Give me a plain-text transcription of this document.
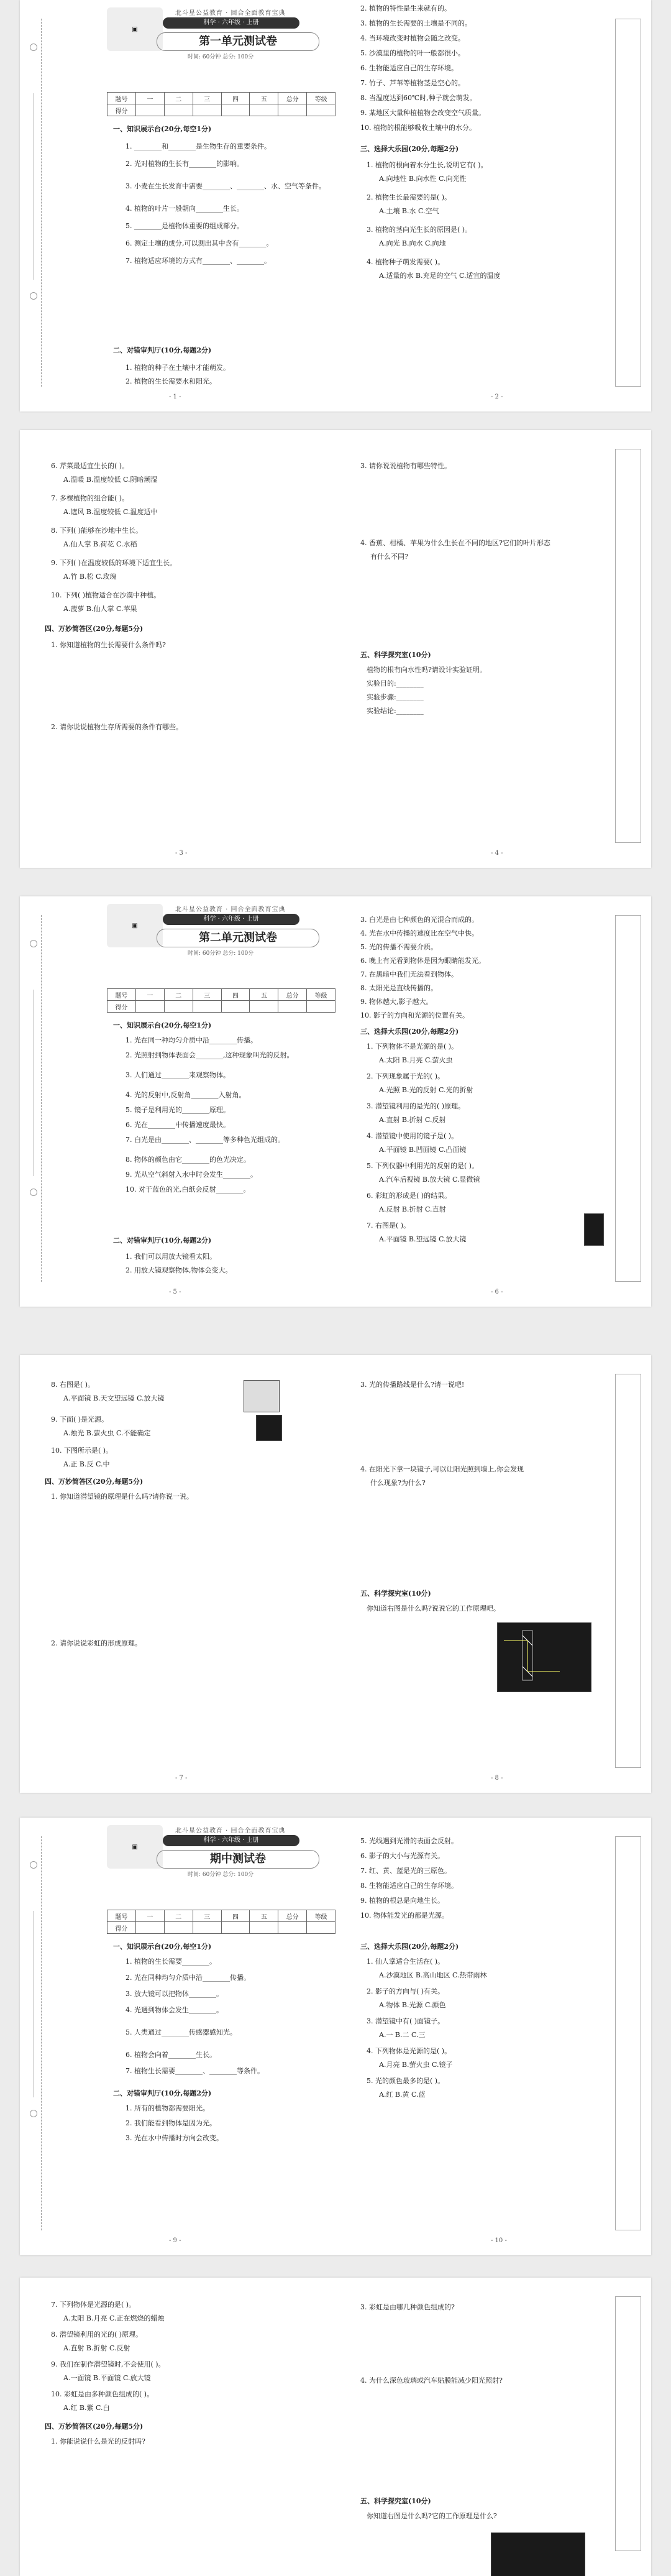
▣
北斗星公益教育 · 回合全面教育宝典
科学 · 六年级 · 上册
第一单元测试卷
时间: 60分钟 总分: 100分
题号	一	二	三	四	五	总分	等级
得分							
一、知识展示台(20分,每空1分)
1. ________和________是生物生存的重要条件。
2. 光对植物的生长有________的影响。
3. 小麦在生长发育中需要________、________、水、空气等条件。
4. 植物的叶片一般朝向________生长。
5. ________是植物体重要的组成部分。
6. 测定土壤的成分,可以测出其中含有________。
7. 植物适应环境的方式有________、________。
二、对错审判厅(10分,每题2分)
1. 植物的种子在土壤中才能萌发。
2. 植物的生长需要水和阳光。
- 1 -
2. 植物的特性是生来就有的。
3. 植物的生长需要的土壤是不同的。
4. 当环境改变时植物会随之改变。
5. 沙漠里的植物的叶一般都很小。
6. 生物能适应自己的生存环境。
7. 竹子、芦苇等植物茎是空心的。
8. 当温度达到60℃时,种子就会萌发。
9. 某地区大量种植植物会改变空气质量。
10. 植物的根能够吸收土壤中的水分。
三、选择大乐园(20分,每题2分)
1. 植物的根向着水分生长,说明它有( )。
A.向地性 B.向水性 C.向光性
2. 植物生长最需要的是( )。
A.土壤 B.水 C.空气
3. 植物的茎向光生长的原因是( )。
A.向光 B.向水 C.向地
4. 植物种子萌发需要( )。
A.适量的水 B.充足的空气 C.适宜的温度
- 2 -
6. 芹菜最适宜生长的( )。
A.温暖 B.温度较低 C.阴暗潮湿
7. 多棵植物的组合能( )。
A.遮风 B.温度较低 C.温度适中
8. 下列( )能够在沙地中生长。
A.仙人掌 B.荷花 C.水稻
9. 下列( )在温度较低的环境下适宜生长。
A.竹 B.松 C.玫瑰
10. 下列( )植物适合在沙漠中种植。
A.菠萝 B.仙人掌 C.苹果
四、万妙简答区(20分,每题5分)
1. 你知道植物的生长需要什么条件吗?
2. 请你说说植物生存所需要的条件有哪些。
- 3 -
3. 请你说说植物有哪些特性。
4. 香蕉、柑橘、苹果为什么生长在不同的地区?它们的叶片形态
有什么不同?
五、科学探究室(10分)
植物的根有向水性吗?请设计实验证明。
实验目的:________
实验步骤:________
实验结论:________
- 4 -
▣
北斗星公益教育 · 回合全面教育宝典
科学 · 六年级 · 上册
第二单元测试卷
时间: 60分钟 总分: 100分
题号	一	二	三	四	五	总分	等级
得分							
一、知识展示台(20分,每空1分)
1. 光在同一种均匀介质中沿________传播。
2. 光照射到物体表面会________,这种现象叫光的反射。
3. 人们通过________来观察物体。
4. 光的反射中,反射角________入射角。
5. 镜子是利用光的________原理。
6. 光在________中传播速度最快。
7. 白光是由________、________等多种色光组成的。
8. 物体的颜色由它________的色光决定。
9. 光从空气斜射入水中时会发生________。
10. 对于蓝色的光,白纸会反射________。
二、对错审判厅(10分,每题2分)
1. 我们可以用放大镜看太阳。
2. 用放大镜观察物体,物体会变大。
- 5 -
3. 白光是由七种颜色的光混合而成的。
4. 光在水中传播的速度比在空气中快。
5. 光的传播不需要介质。
6. 晚上有光看到物体是因为眼睛能发光。
7. 在黑暗中我们无法看到物体。
8. 太阳光是直线传播的。
9. 物体越大,影子越大。
10. 影子的方向和光源的位置有关。
三、选择大乐园(20分,每题2分)
1. 下列物体不是光源的是( )。
A.太阳 B.月亮 C.萤火虫
2. 下列现象属于光的( )。
A.光照 B.光的反射 C.光的折射
3. 潜望镜利用的是光的( )原理。
A.直射 B.折射 C.反射
4. 潜望镜中使用的镜子是( )。
A.平面镜 B.凹面镜 C.凸面镜
5. 下列仪器中利用光的反射的是( )。
A.汽车后视镜 B.放大镜 C.显微镜
6. 彩虹的形成是( )的结果。
A.反射 B.折射 C.直射
7. 右图是( )。
A.平面镜 B.望远镜 C.放大镜
- 6 -
8. 右图是( )。
A.平面镜 B.天文望远镜 C.放大镜
9. 下面( )是光源。
A.烛光 B.萤火虫 C.不能确定
10. 下图所示是( )。
A.正 B.反 C.中
四、万妙简答区(20分,每题5分)
1. 你知道潜望镜的原理是什么吗?请你说一说。
2. 请你说说彩虹的形成原理。
- 7 -
3. 光的传播路线是什么?请一说吧!
4. 在阳光下拿一块镜子,可以让阳光照到墙上,你会发现
什么现象?为什么?
五、科学探究室(10分)
你知道右图是什么吗?说说它的工作原理吧。
- 8 -
▣
北斗星公益教育 · 回合全面教育宝典
科学 · 六年级 · 上册
期中测试卷
时间: 60分钟 总分: 100分
题号	一	二	三	四	五	总分	等级
得分							
一、知识展示台(20分,每空1分)
1. 植物的生长需要________。
2. 光在同种均匀介质中沿________传播。
3. 放大镜可以把物体________。
4. 光遇到物体会发生________。
5. 人类通过________传感器感知光。
6. 植物会向着________生长。
7. 植物生长需要________、________等条件。
二、对错审判厅(10分,每题2分)
1. 所有的植物都需要阳光。
2. 我们能看到物体是因为光。
3. 光在水中传播时方向会改变。
- 9 -
5. 光线遇到光滑的表面会反射。
6. 影子的大小与光源有关。
7. 红、黄、蓝是光的三原色。
8. 生物能适应自己的生存环境。
9. 植物的根总是向地生长。
10. 物体能发光的都是光源。
三、选择大乐园(20分,每题2分)
1. 仙人掌适合生活在( )。
A.沙漠地区 B.高山地区 C.热带雨林
2. 影子的方向与( )有关。
A.物体 B.光源 C.颜色
3. 潜望镜中有( )面镜子。
A.一 B.二 C.三
4. 下列物体是光源的是( )。
A.月亮 B.萤火虫 C.镜子
5. 光的颜色最多的是( )。
A.红 B.黄 C.蓝
- 10 -
7. 下列物体是光源的是( )。
A.太阳 B.月亮 C.正在燃烧的蜡烛
8. 潜望镜利用的光的( )原理。
A.直射 B.折射 C.反射
9. 我们在制作潜望镜时,不会使用( )。
A.一面镜 B.平面镜 C.放大镜
10. 彩虹是由多种颜色组成的( )。
A.红 B.紫 C.白
四、万妙简答区(20分,每题5分)
1. 你能说说什么是光的反射吗?
3. 彩虹是由哪几种颜色组成的?
4. 为什么深色玻璃或汽车贴膜能减少阳光照射?
五、科学探究室(10分)
你知道右图是什么吗?它的工作原理是什么?
